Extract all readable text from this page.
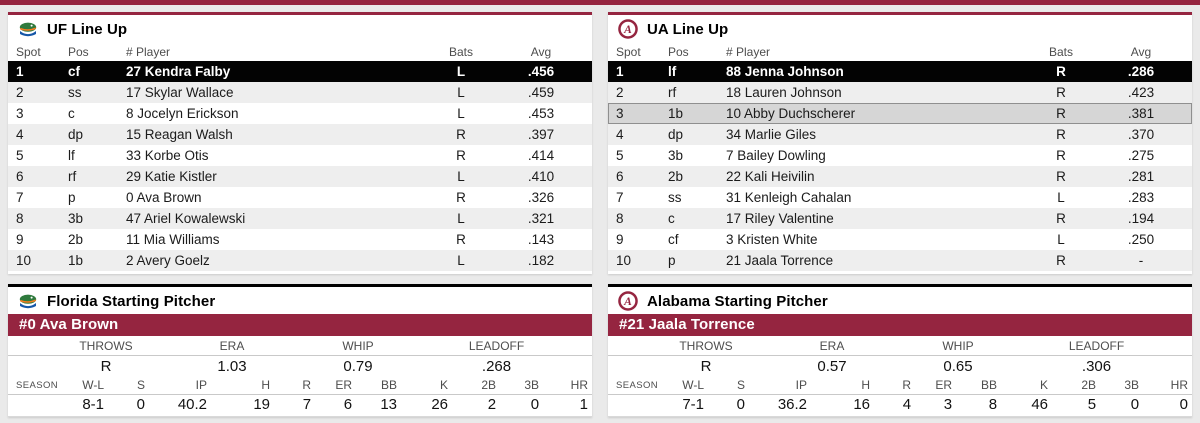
UF Line Up
Spot	Pos	# Player	Bats	Avg
1	cf	27 Kendra Falby	L	.456
2	ss	17 Skylar Wallace	L	.459
3	c	8 Jocelyn Erickson	L	.453
4	dp	15 Reagan Walsh	R	.397
5	lf	33 Korbe Otis	R	.414
6	rf	29 Katie Kistler	L	.410
7	p	0 Ava Brown	R	.326
8	3b	47 Ariel Kowalewski	L	.321
9	2b	11 Mia Williams	R	.143
10	1b	2 Avery Goelz	L	.182
Florida Starting Pitcher
#0 Ava Brown
	THROWS		ERA			WHIP		LEADOFF			
	R		1.03			0.79		.268			
SEASON	W-L	S	IP	H	R	ER	BB	K	2B	3B	HR
	8-1	0	40.2	19	7	6	13	26	2	0	1
A UA Line Up
Spot	Pos	# Player	Bats	Avg
1	lf	88 Jenna Johnson	R	.286
2	rf	18 Lauren Johnson	R	.423
3	1b	10 Abby Duchscherer	R	.381
4	dp	34 Marlie Giles	R	.370
5	3b	7 Bailey Dowling	R	.275
6	2b	22 Kali Heivilin	R	.281
7	ss	31 Kenleigh Cahalan	L	.283
8	c	17 Riley Valentine	R	.194
9	cf	3 Kristen White	L	.250
10	p	21 Jaala Torrence	R	-
A Alabama Starting Pitcher
#21 Jaala Torrence
	THROWS		ERA			WHIP		LEADOFF			
	R		0.57			0.65		.306			
SEASON	W-L	S	IP	H	R	ER	BB	K	2B	3B	HR
	7-1	0	36.2	16	4	3	8	46	5	0	0
